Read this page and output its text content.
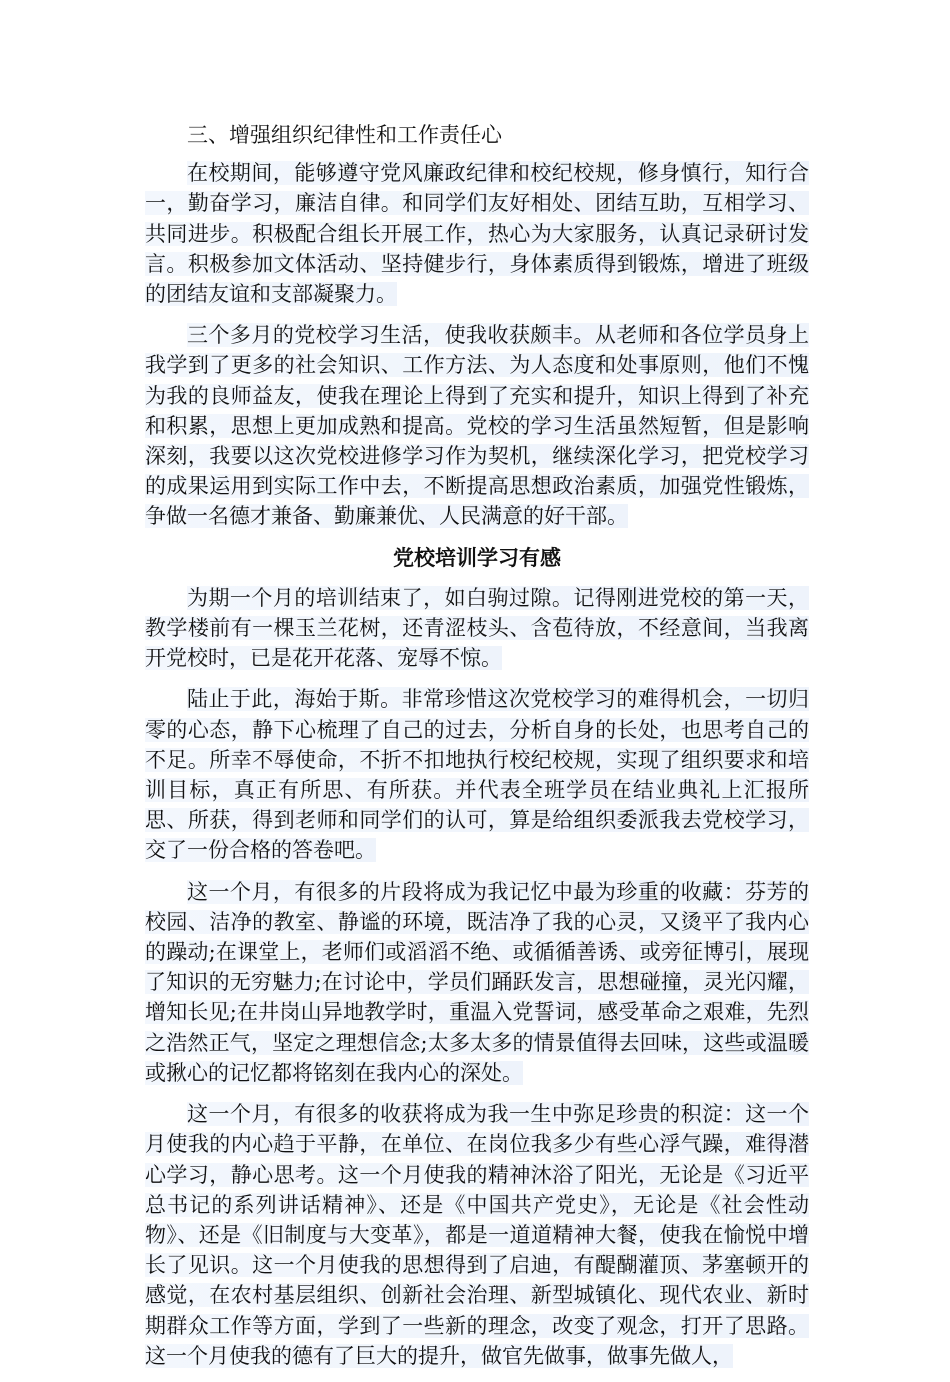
三、增强组织纪律性和工作责任心

在校期间，能够遵守党风廉政纪律和校纪校规，修身慎行，知行合一，勤奋学习，廉洁自律。和同学们友好相处、团结互助，互相学习、共同进步。积极配合组长开展工作，热心为大家服务，认真记录研讨发言。积极参加文体活动、坚持健步行，身体素质得到锻炼，增进了班级的团结友谊和支部凝聚力。

三个多月的党校学习生活，使我收获颇丰。从老师和各位学员身上我学到了更多的社会知识、工作方法、为人态度和处事原则，他们不愧为我的良师益友，使我在理论上得到了充实和提升，知识上得到了补充和积累，思想上更加成熟和提高。党校的学习生活虽然短暂，但是影响深刻，我要以这次党校进修学习作为契机，继续深化学习，把党校学习的成果运用到实际工作中去，不断提高思想政治素质，加强党性锻炼，争做一名德才兼备、勤廉兼优、人民满意的好干部。

党校培训学习有感

为期一个月的培训结束了，如白驹过隙。记得刚进党校的第一天，教学楼前有一棵玉兰花树，还青涩枝头、含苞待放，不经意间，当我离开党校时，已是花开花落、宠辱不惊。

陆止于此，海始于斯。非常珍惜这次党校学习的难得机会，一切归零的心态，静下心梳理了自己的过去，分析自身的长处，也思考自己的不足。所幸不辱使命，不折不扣地执行校纪校规，实现了组织要求和培训目标，真正有所思、有所获。并代表全班学员在结业典礼上汇报所思、所获，得到老师和同学们的认可，算是给组织委派我去党校学习，交了一份合格的答卷吧。

这一个月，有很多的片段将成为我记忆中最为珍重的收藏：芬芳的校园、洁净的教室、静谧的环境，既洁净了我的心灵，又烫平了我内心的躁动;在课堂上，老师们或滔滔不绝、或循循善诱、或旁征博引，展现了知识的无穷魅力;在讨论中，学员们踊跃发言，思想碰撞，灵光闪耀，增知长见;在井岗山异地教学时，重温入党誓词，感受革命之艰难，先烈之浩然正气，坚定之理想信念;太多太多的情景值得去回味，这些或温暖或揪心的记忆都将铭刻在我内心的深处。

这一个月，有很多的收获将成为我一生中弥足珍贵的积淀：这一个月使我的内心趋于平静，在单位、在岗位我多少有些心浮气躁，难得潜心学习，静心思考。这一个月使我的精神沐浴了阳光，无论是《习近平总书记的系列讲话精神》、还是《中国共产党史》，无论是《社会性动物》、还是《旧制度与大变革》，都是一道道精神大餐，使我在愉悦中增长了见识。这一个月使我的思想得到了启迪，有醍醐灌顶、茅塞顿开的感觉，在农村基层组织、创新社会治理、新型城镇化、现代农业、新时期群众工作等方面，学到了一些新的理念，改变了观念，打开了思路。这一个月使我的德有了巨大的提升，做官先做事，做事先做人，
